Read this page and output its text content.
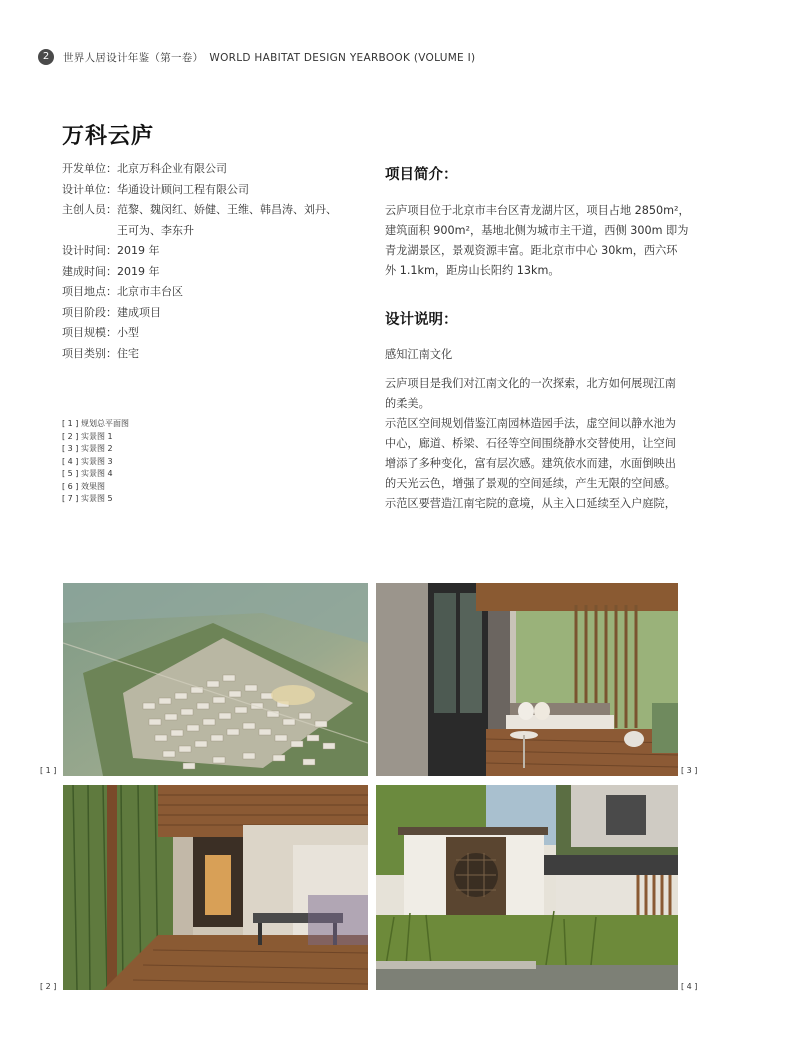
2	世界人居设计年鉴（第一卷） WORLD HABITAT DESIGN YEARBOOK (VOLUME Ⅰ)
万科云庐
开发单位：北京万科企业有限公司
设计单位：华通设计顾问工程有限公司
主创人员：范黎、魏闵红、娇健、王维、韩昌涛、刘丹、
王可为、李东升
设计时间：2019 年
建成时间：2019 年
项目地点：北京市丰台区
项目阶段：建成项目
项目规模：小型
项目类别：住宅
[ 1 ] 规划总平面图
[ 2 ] 实景图 1
[ 3 ] 实景图 2
[ 4 ] 实景图 3
[ 5 ] 实景图 4
[ 6 ] 效果图
[ 7 ] 实景图 5
项目简介：
云庐项目位于北京市丰台区青龙湖片区，项目占地 2850m²，
建筑面积 900m²，基地北侧为城市主干道，西侧 300m 即为
青龙湖景区，景观资源丰富。距北京市中心 30km，西六环
外 1.1km，距房山长阳约 13km。
设计说明：
感知江南文化
云庐项目是我们对江南文化的一次探索，北方如何展现江南
的柔美。
示范区空间规划借鉴江南园林造园手法，虚空间以静水池为
中心，廊道、桥梁、石径等空间围绕静水交替使用，让空间
增添了多种变化，富有层次感。建筑依水而建，水面倒映出
的天光云色，增强了景观的空间延续，产生无限的空间感。
示范区要营造江南宅院的意境，从主入口延续至入户庭院，
[ 1 ]	[ 3 ]
[ 2 ]	[ 4 ]
